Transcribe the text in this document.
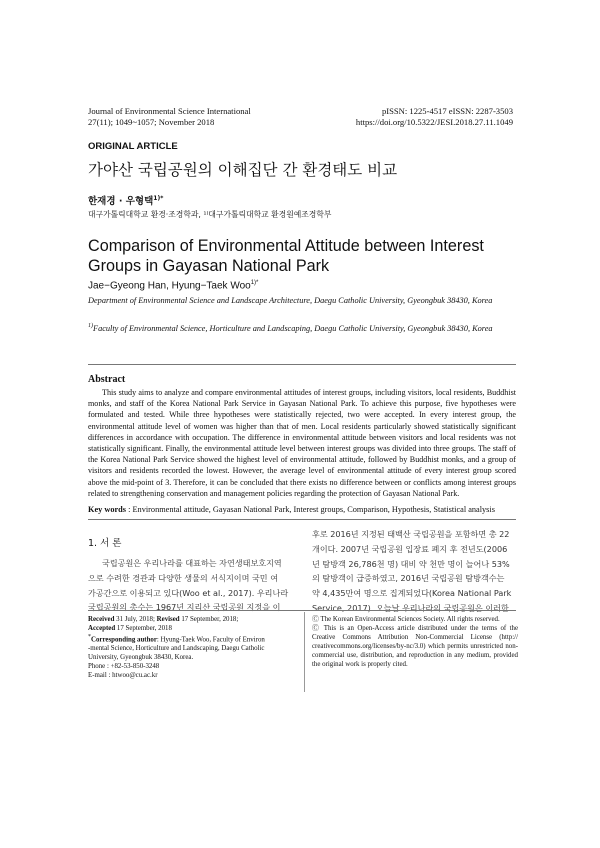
Journal of Environmental Science International
27(11); 1049~1057; November 2018
pISSN: 1225-4517 eISSN: 2287-3503
https://doi.org/10.5322/JESI.2018.27.11.1049
ORIGINAL ARTICLE
가야산 국립공원의 이해집단 간 환경태도 비교
한재경 · 우형택$^{1)*}$
대구가톨릭대학교 환경·조경학과, ¹⁾대구가톨릭대학교 환경원예조경학부
Comparison of Environmental Attitude between Interest Groups in Gayasan National Park
Jae−Gyeong Han, Hyung−Taek Woo$^{1)*}$
Department of Environmental Science and Landscape Architecture, Daegu Catholic University, Gyeongbuk 38430, Korea
$^{1)}$Faculty of Environmental Science, Horticulture and Landscaping, Daegu Catholic University, Gyeongbuk 38430, Korea
Abstract
This study aims to analyze and compare environmental attitudes of interest groups, including visitors, local residents, Buddhist monks, and staff of the Korea National Park Service in Gayasan National Park. To achieve this purpose, five hypotheses were formulated and tested. While three hypotheses were statistically rejected, two were accepted. In every interest group, the environmental attitude level of women was higher than that of men. Local residents particularly showed statistically significant differences in accordance with occupation. The difference in environmental attitude between visitors and local residents was not statistically significant. Finally, the environmental attitude level between interest groups was divided into three groups. The staff of the Korea National Park Service showed the highest level of environmental attitude, followed by Buddhist monks, and a group of visitors and residents recorded the lowest. However, the average level of environmental attitude of every interest group scored above the mid-point of 3. Therefore, it can be concluded that there exists no difference between or conflicts among interest groups related to strengthening conservation and management policies regarding the protection of Gayasan National Park.
Key words : Environmental attitude, Gayasan National Park, Interest groups, Comparison, Hypothesis, Statistical analysis
1. 서 론
국립공원은 우리나라를 대표하는 자연생태보호지역
으로 수려한 경관과 다양한 생물의 서식지이며 국민 여
가공간으로 이용되고 있다(Woo et al., 2017). 우리나라
국립공원의 총수는 1967년 지리산 국립공원 지정을 이
후로 2016년 지정된 태백산 국립공원을 포함하면 총 22
개이다. 2007년 국립공원 입장료 폐지 후 전년도(2006
년 탐방객 26,786천 명) 대비 약 천만 명이 늘어나 53%
의 탐방객이 급증하였고, 2016년 국립공원 탐방객수는
약 4,435만여 명으로 집계되었다(Korea National Park
Service, 2017). 오늘날 우리나라의 국립공원은 이러한
Received 31 July, 2018; Revised 17 September, 2018;
Accepted 17 September, 2018
*Corresponding author: Hyung-Taek Woo, Faculty of Environ
-mental Science, Horticulture and Landscaping, Daegu Catholic
University, Gyeongbuk 38430, Korea.
Phone : +82-53-850-3248
E-mail : htwoo@cu.ac.kr
Ⓒ The Korean Environmental Sciences Society. All rights reserved.
Ⓒ This is an Open-Access article distributed under the terms of the Creative Commons Attribution Non-Commercial License (http:// creativecommons.org/licenses/by-nc/3.0) which permits unrestricted non-commercial use, distribution, and reproduction in any medium, provided the original work is properly cited.
